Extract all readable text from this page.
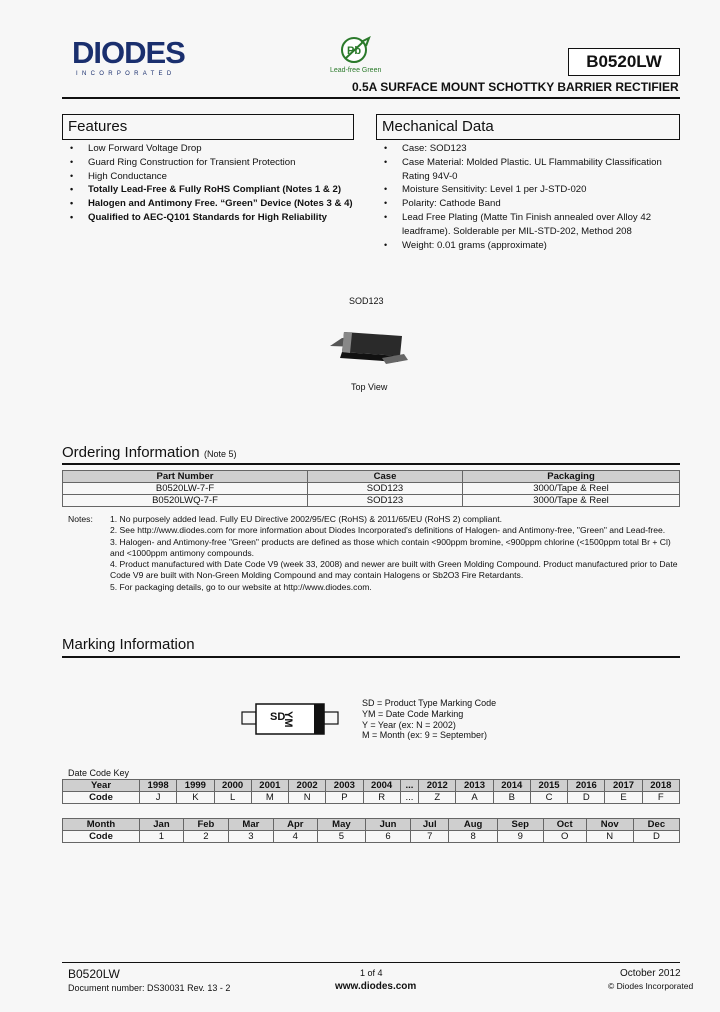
DIODES
INCORPORATED
Pb
Lead-free Green	B0520LW
0.5A SURFACE MOUNT SCHOTTKY BARRIER RECTIFIER
Features
• Low Forward Voltage Drop
• Guard Ring Construction for Transient Protection
• High Conductance
• Totally Lead-Free & Fully RoHS Compliant (Notes 1 & 2)
• Halogen and Antimony Free. “Green” Device (Notes 3 & 4)
• Qualified to AEC-Q101 Standards for High Reliability
Mechanical Data
• Case: SOD123
• Case Material: Molded Plastic. UL Flammability Classification Rating 94V-0
• Moisture Sensitivity: Level 1 per J-STD-020
• Polarity: Cathode Band
• Lead Free Plating (Matte Tin Finish annealed over Alloy 42 leadframe). Solderable per MIL-STD-202, Method 208
• Weight: 0.01 grams (approximate)
SOD123
Top View
Ordering Information (Note 5)
Part Number	Case	Packaging
B0520LW-7-F	SOD123	3000/Tape & Reel
B0520LWQ-7-F	SOD123	3000/Tape & Reel
Notes: 1. No purposely added lead. Fully EU Directive 2002/95/EC (RoHS) & 2011/65/EU (RoHS 2) compliant.
2. See http://www.diodes.com for more information about Diodes Incorporated's definitions of Halogen- and Antimony-free, "Green" and Lead-free.
3. Halogen- and Antimony-free "Green" products are defined as those which contain <900ppm bromine, <900ppm chlorine (<1500ppm total Br + Cl) and <1000ppm antimony compounds.
4. Product manufactured with Date Code V9 (week 33, 2008) and newer are built with Green Molding Compound. Product manufactured prior to Date Code V9 are built with Non-Green Molding Compound and may contain Halogens or Sb2O3 Fire Retardants.
5. For packaging details, go to our website at http://www.diodes.com.
Marking Information
SD
YM
SD = Product Type Marking Code
YM = Date Code Marking
Y = Year (ex: N = 2002)
M = Month (ex: 9 = September)
Date Code Key
Year	1998	1999	2000	2001	2002	2003	2004	...	2012	2013	2014	2015	2016	2017	2018
Code	J	K	L	M	N	P	R	...	Z	A	B	C	D	E	F
Month	Jan	Feb	Mar	Apr	May	Jun	Jul	Aug	Sep	Oct	Nov	Dec
Code	1	2	3	4	5	6	7	8	9	O	N	D
B0520LW
Document number: DS30031 Rev. 13 - 2
1 of 4
www.diodes.com
October 2012
© Diodes Incorporated
